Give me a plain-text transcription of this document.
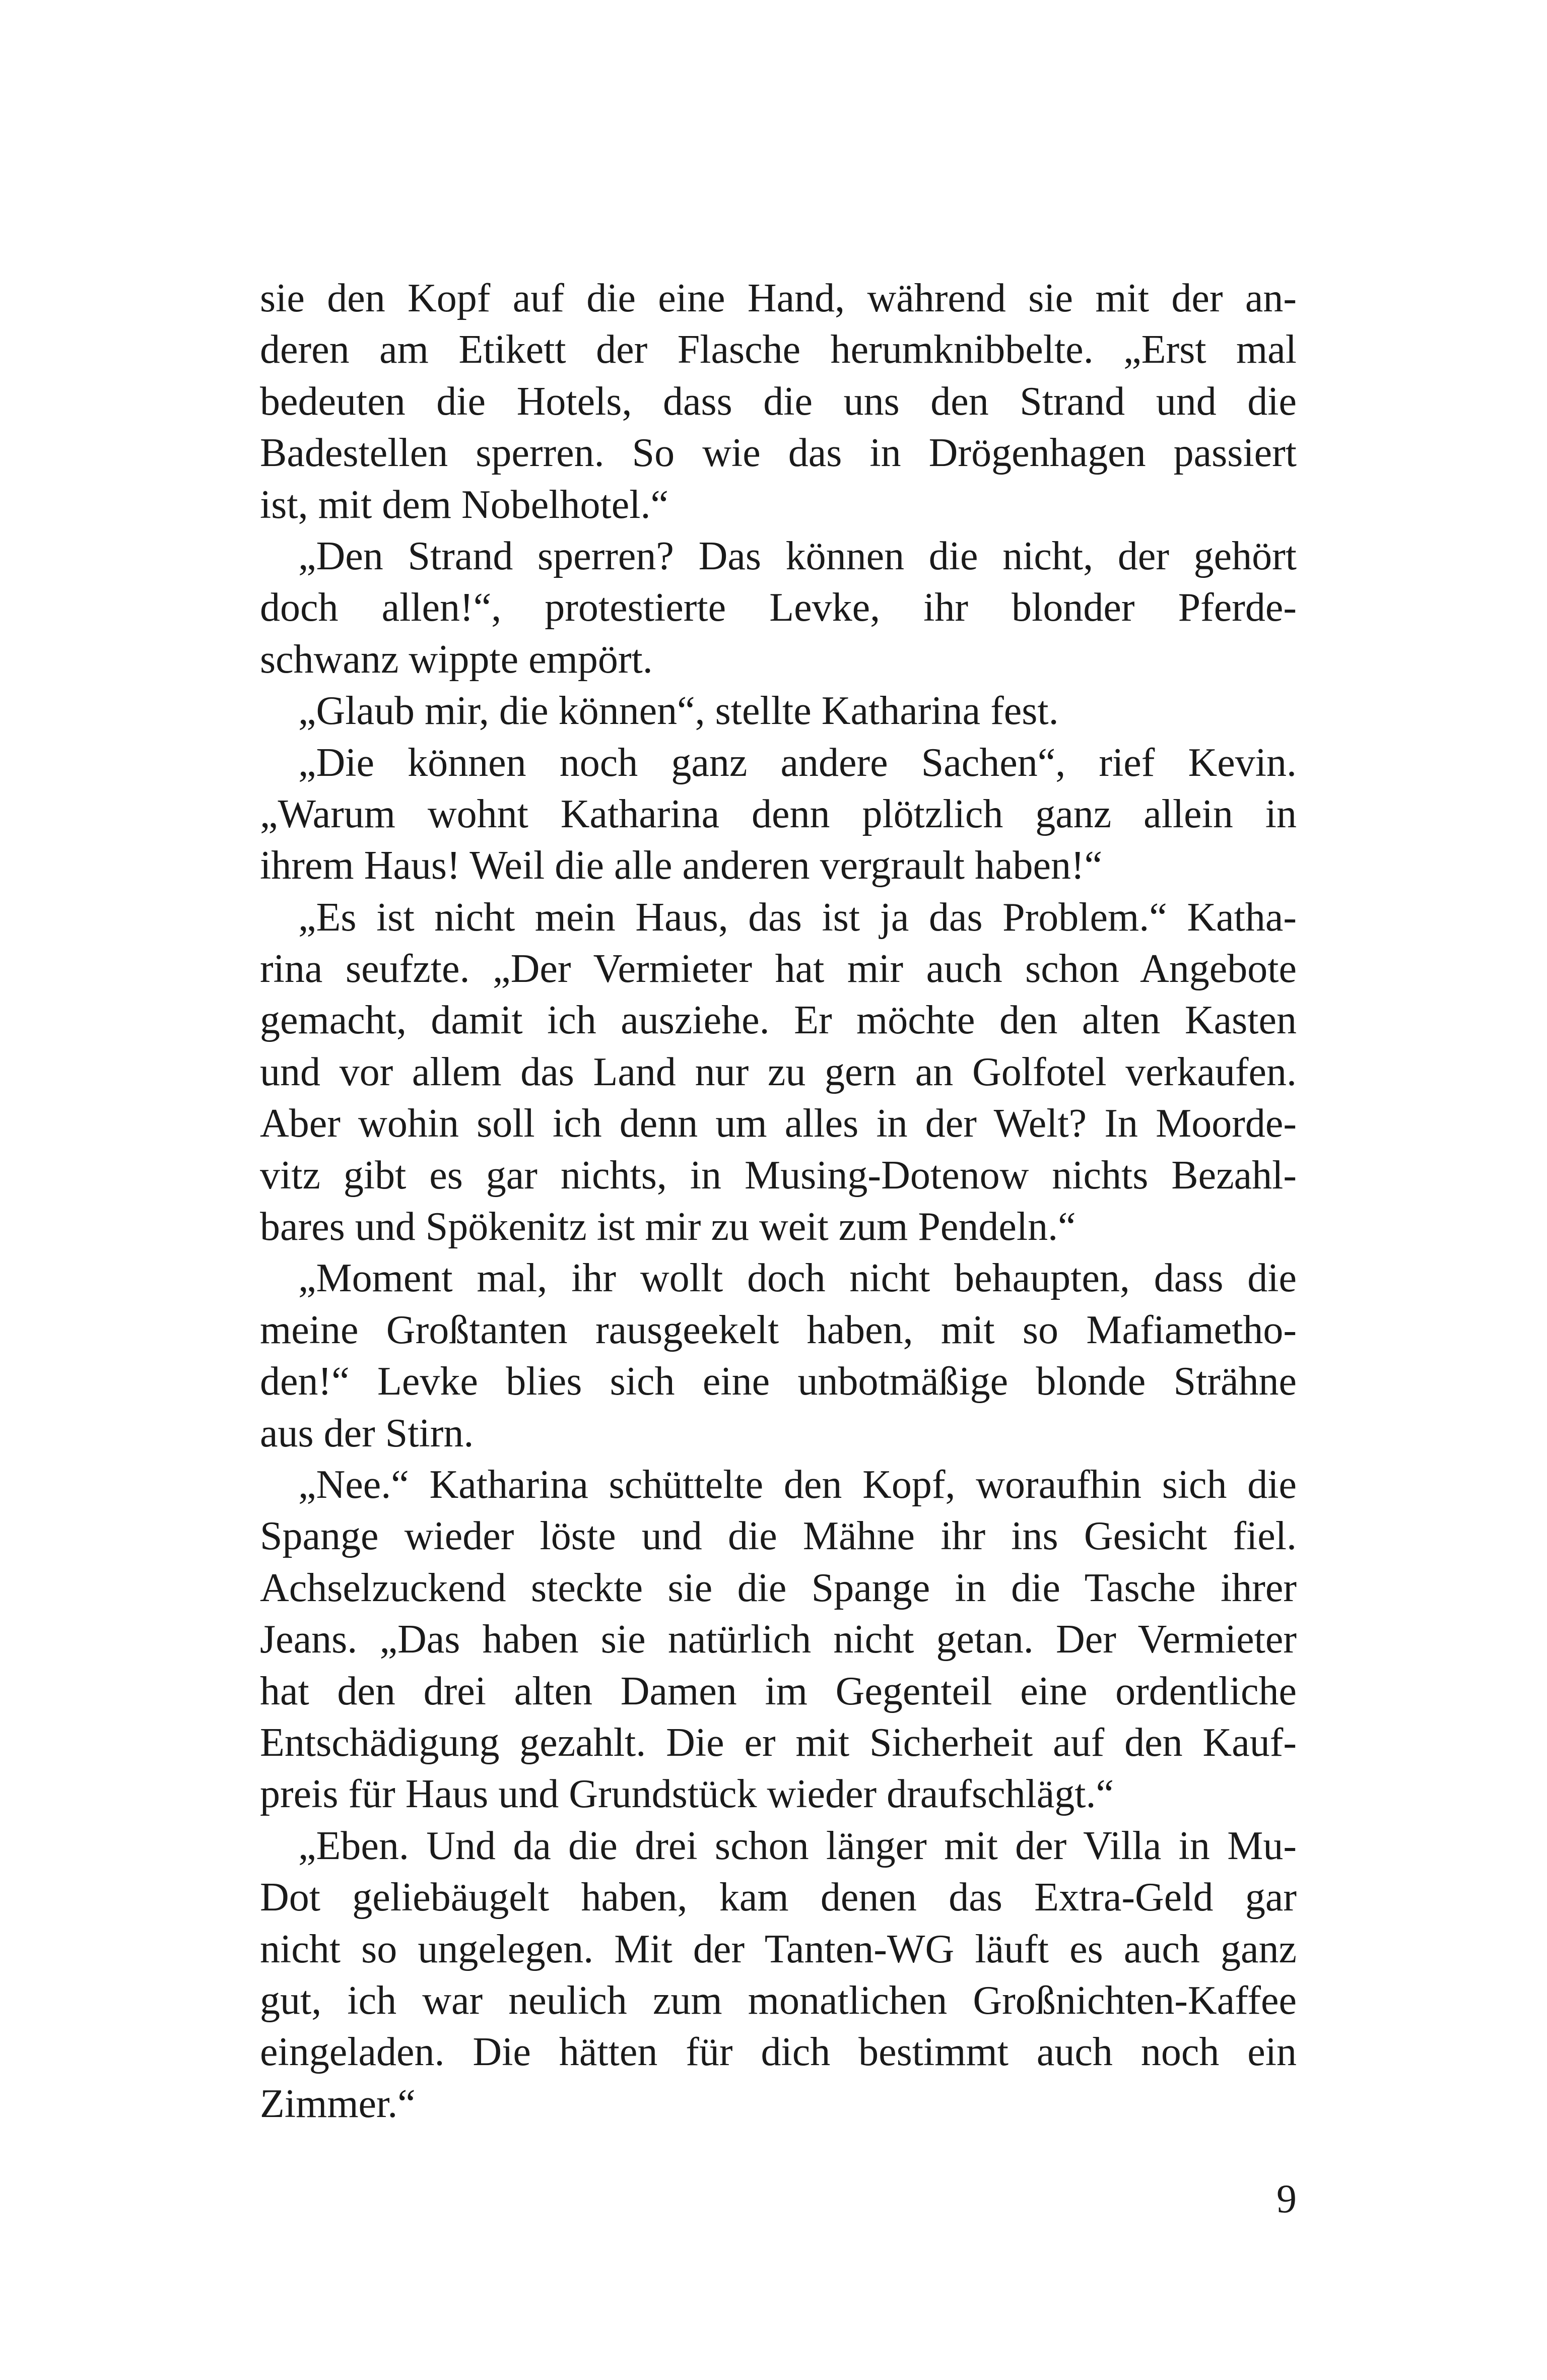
sie den Kopf auf die eine Hand, während sie mit der an-
deren am Etikett der Flasche herumknibbelte. „Erst mal
bedeuten die Hotels, dass die uns den Strand und die
Badestellen sperren. So wie das in Drögenhagen passiert
ist, mit dem Nobelhotel.“
„Den Strand sperren? Das können die nicht, der gehört
doch allen!“, protestierte Levke, ihr blonder Pferde-
schwanz wippte empört.
„Glaub mir, die können“, stellte Katharina fest.
„Die können noch ganz andere Sachen“, rief Kevin.
„Warum wohnt Katharina denn plötzlich ganz allein in
ihrem Haus! Weil die alle anderen vergrault haben!“
„Es ist nicht mein Haus, das ist ja das Problem.“ Katha-
rina seufzte. „Der Vermieter hat mir auch schon Angebote
gemacht, damit ich ausziehe. Er möchte den alten Kasten
und vor allem das Land nur zu gern an Golfotel verkaufen.
Aber wohin soll ich denn um alles in der Welt? In Moorde-
vitz gibt es gar nichts, in Musing-Dotenow nichts Bezahl-
bares und Spökenitz ist mir zu weit zum Pendeln.“
„Moment mal, ihr wollt doch nicht behaupten, dass die
meine Großtanten rausgeekelt haben, mit so Mafiametho-
den!“ Levke blies sich eine unbotmäßige blonde Strähne
aus der Stirn.
„Nee.“ Katharina schüttelte den Kopf, woraufhin sich die
Spange wieder löste und die Mähne ihr ins Gesicht fiel.
Achselzuckend steckte sie die Spange in die Tasche ihrer
Jeans. „Das haben sie natürlich nicht getan. Der Vermieter
hat den drei alten Damen im Gegenteil eine ordentliche
Entschädigung gezahlt. Die er mit Sicherheit auf den Kauf-
preis für Haus und Grundstück wieder draufschlägt.“
„Eben. Und da die drei schon länger mit der Villa in Mu-
Dot geliebäugelt haben, kam denen das Extra-Geld gar
nicht so ungelegen. Mit der Tanten-WG läuft es auch ganz
gut, ich war neulich zum monatlichen Großnichten-Kaffee
eingeladen. Die hätten für dich bestimmt auch noch ein
Zimmer.“
9
